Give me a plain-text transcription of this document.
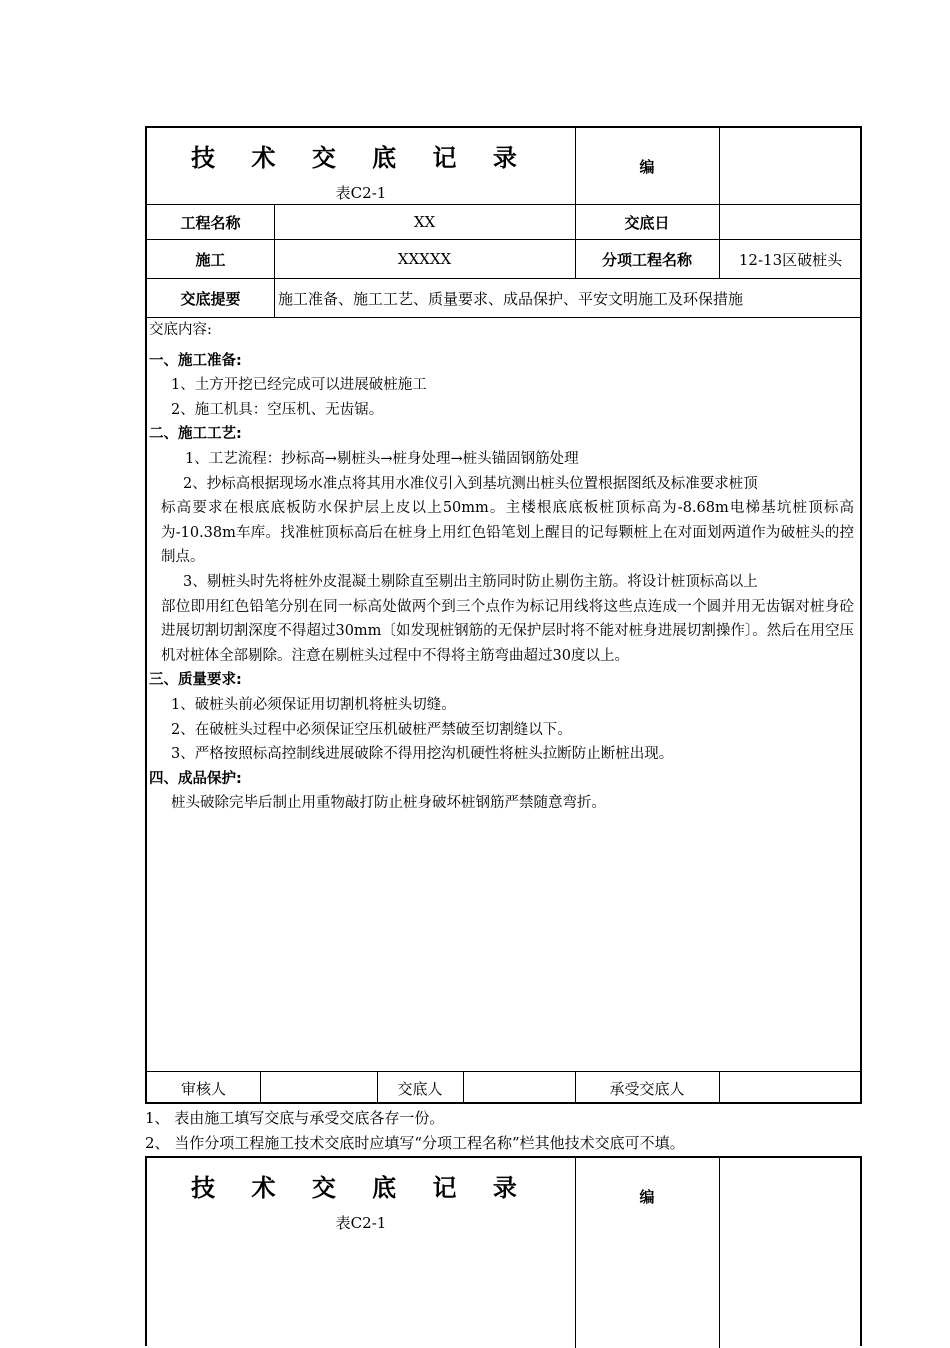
技 术 交 底 记 录
表C2-1
编
工程名称	XX	交底日
施工	XXXXX	分项工程名称	12-13区破桩头
交底提要	施工准备、施工工艺、质量要求、成品保护、平安文明施工及环保措施

交底内容:

一、施工准备:

1、土方开挖已经完成可以进展破桩施工

2、施工机具：空压机、无齿锯。

二、施工工艺:

1、工艺流程：抄标高→剔桩头→桩身处理→桩头锚固钢筋处理

2、抄标高根据现场水准点将其用水准仪引入到基坑测出桩头位置根据图纸及标准要求桩顶

标高要求在根底底板防水保护层上皮以上50mm。主楼根底底板桩顶标高为-8.68m电梯基坑桩顶标高为-10.38m车库。找准桩顶标高后在桩身上用红色铅笔划上醒目的记每颗桩上在对面划两道作为破桩头的控制点。

3、剔桩头时先将桩外皮混凝土剔除直至剔出主筋同时防止剔伤主筋。将设计桩顶标高以上

部位即用红色铅笔分别在同一标高处做两个到三个点作为标记用线将这些点连成一个圆并用无齿锯对桩身砼进展切割切割深度不得超过30mm〔如发现桩钢筋的无保护层时将不能对桩身进展切割操作〕。然后在用空压机对桩体全部剔除。注意在剔桩头过程中不得将主筋弯曲超过30度以上。

三、质量要求:

1、破桩头前必须保证用切割机将桩头切缝。

2、在破桩头过程中必须保证空压机破桩严禁破至切割缝以下。

3、严格按照标高控制线进展破除不得用挖沟机硬性将桩头拉断防止断桩出现。

四、成品保护:

桩头破除完毕后制止用重物敲打防止桩身破坏桩钢筋严禁随意弯折。

审核人	交底人	承受交底人
1、 表由施工填写交底与承受交底各存一份。
2、 当作分项工程施工技术交底时应填写“分项工程名称”栏其他技术交底可不填。
技 术 交 底 记 录
表C2-1
编
